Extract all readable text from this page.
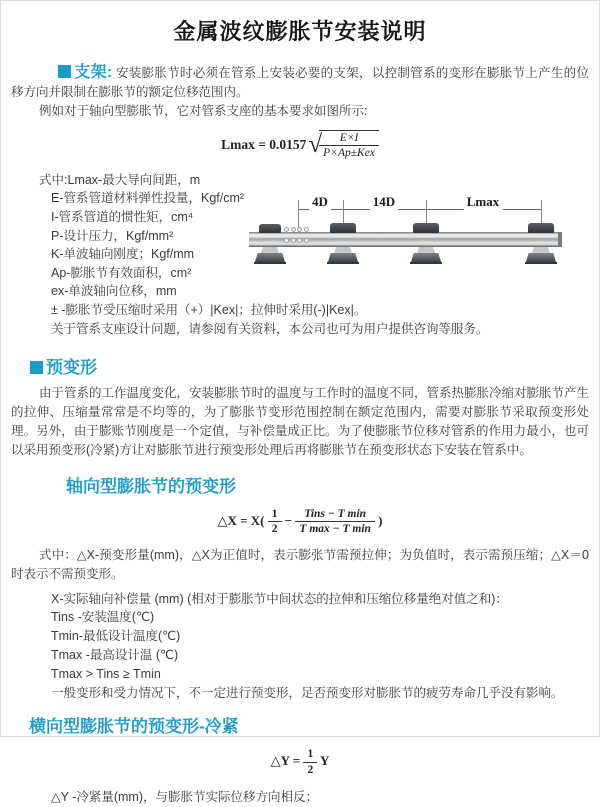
金属波纹膨胀节安装说明

支架: 安装膨胀节时必须在管系上安装必要的支架，以控制管系的变形在膨胀节上产生的位移方向并限制在膨胀节的额定位移范围内。

例如对于轴向型膨胀节，它对管系支座的基本要求如图所示:

Lmax = 0.0157√	E×I
P×Ap±Kex

式中:Lmax-最大导向间距，m

E-管系管道材料弹性投量，Kgf/cm²

I-管系管道的惯性矩，cm⁴

P-设计压力，Kgf/mm²

K-单波轴向刚度；Kgf/mm

Ap-膨胀节有效面积，cm²

ex-单波轴向位移，mm

± -膨胀节受压缩时采用（+）|Kex|；拉伸时采用(-)|Kex|。

关于管系支座设计问题，请参阅有关资料，本公司也可为用户提供咨询等服务。

4D	14D	Lmax
预变形

由于管系的工作温度变化，安装膨胀节时的温度与工作时的温度不同，管系热膨胀冷缩对膨胀节产生的拉伸、压缩量常常是不均等的，为了膨胀节变形范围控制在额定范围内，需要对膨胀节采取预变形处理。另外，由于膨账节刚度是一个定值，与补偿量成正比。为了使膨胀节位移对管系的作用力最小，也可以采用预变形(冷紧)方让对膨胀节进行预变形处理后再将膨胀节在预变形状态下安装在管系中。

轴向型膨胀节的预变形
△X = $X( \frac{1}{2}$ −	Tins − T min
T max − T min
)

式中：△X-预变形量(mm)，△X为正值时，表示膨张节需预拉伸；为负值时，表示需预压缩；△X＝0时表示不需预变形。

X-实际轴向补偿量 (mm) (相对于膨胀节中间状态的拉伸和压缩位移量绝对值之和)：

Tins -安装温度(℃)

Tmin-最低设计温度(℃)

Tmax -最高设计温 (℃)

Tmax > Tins ≥ Tmin

一般变形和受力情况下，不一定进行预变形，足否预变形对膨胀节的疲劳寿命几乎没有影响。

横向型膨胀节的预变形-冷紧
△Y = $\frac{1}{2}$ Y

△Y -冷紧量(mm)，与膨胀节实际位移方向相反；
